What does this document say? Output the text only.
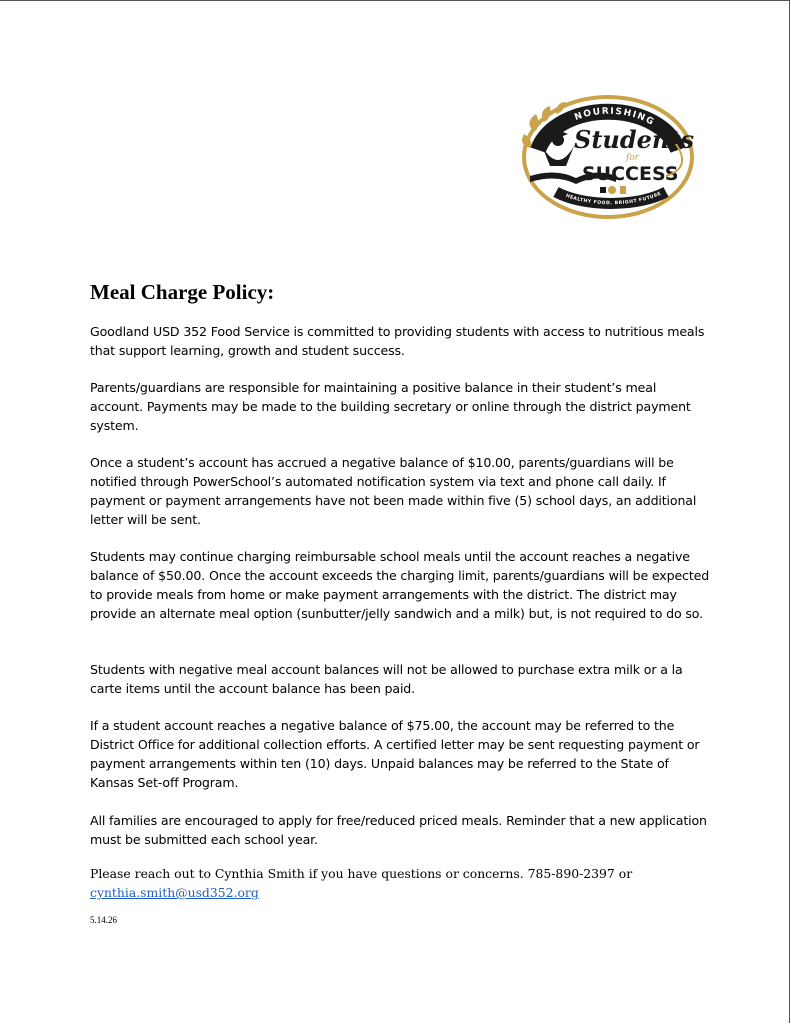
NOURISHING
Students
for
SUCCESS
HEALTHY FOOD. BRIGHT FUTURE
Meal Charge Policy:

Goodland USD 352 Food Service is committed to providing students with access to nutritious meals that support learning, growth and student success.

Parents/guardians are responsible for maintaining a positive balance in their student’s meal account. Payments may be made to the building secretary or online through the district payment system.

Once a student’s account has accrued a negative balance of $10.00, parents/guardians will be notified through PowerSchool’s automated notification system via text and phone call daily. If payment or payment arrangements have not been made within five (5) school days, an additional letter will be sent.

Students may continue charging reimbursable school meals until the account reaches a negative balance of $50.00. Once the account exceeds the charging limit, parents/guardians will be expected to provide meals from home or make payment arrangements with the district. The district may provide an alternate meal option (sunbutter/jelly sandwich and a milk) but, is not required to do so.

Students with negative meal account balances will not be allowed to purchase extra milk or a la carte items until the account balance has been paid.

If a student account reaches a negative balance of $75.00, the account may be referred to the District Office for additional collection efforts. A certified letter may be sent requesting payment or payment arrangements within ten (10) days. Unpaid balances may be referred to the State of Kansas Set-off Program.

All families are encouraged to apply for free/reduced priced meals. Reminder that a new application must be submitted each school year.

Please reach out to Cynthia Smith if you have questions or concerns. 785-890-2397 or
cynthia.smith@usd352.org

5.14.26
